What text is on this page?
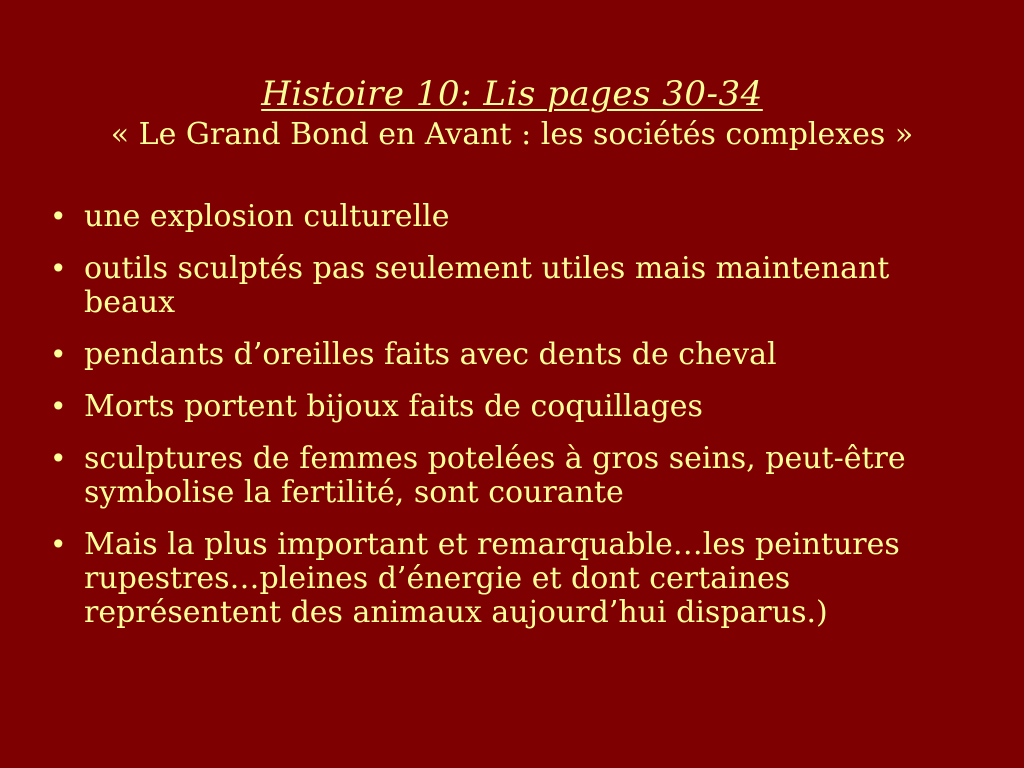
Histoire 10: Lis pages 30-34
« Le Grand Bond en Avant : les sociétés complexes »
• une explosion culturelle
• outils sculptés pas seulement utiles mais maintenant beaux
• pendants d’oreilles faits avec dents de cheval
• Morts portent bijoux faits de coquillages
• sculptures de femmes potelées à gros seins, peut-être symbolise la fertilité, sont courante
• Mais la plus important et remarquable…les peintures rupestres…pleines d’énergie et dont certaines représentent des animaux aujourd’hui disparus.)
